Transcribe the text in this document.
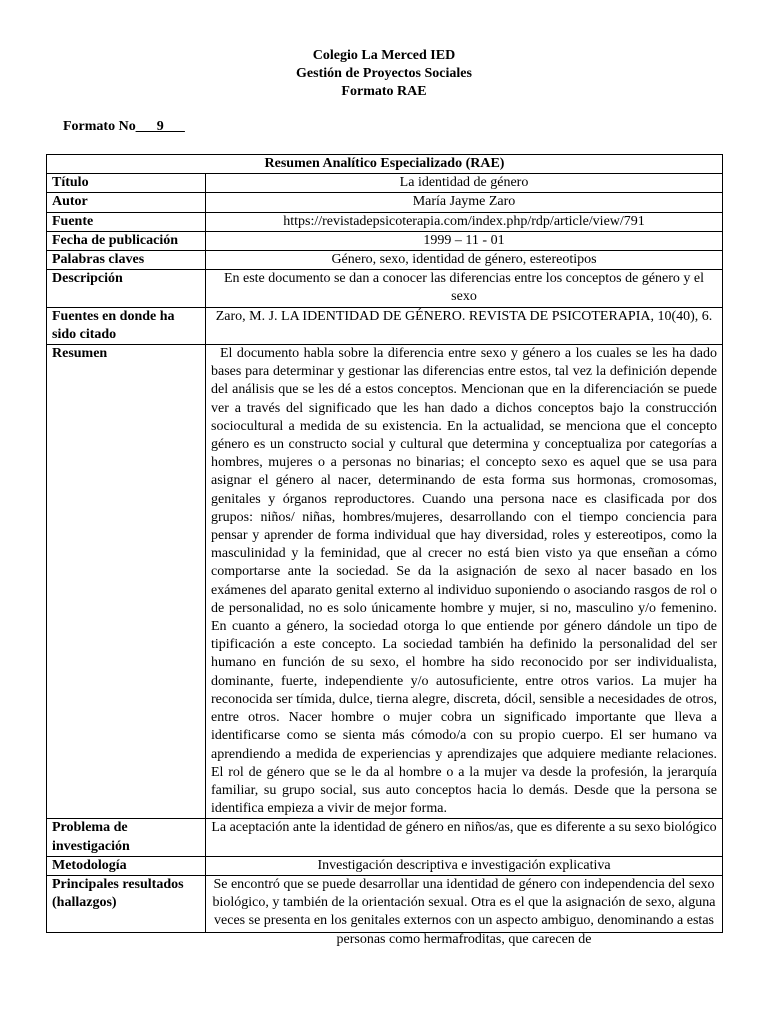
Colegio La Merced IED
Gestión de Proyectos Sociales
Formato RAE
Formato No___9___
Resumen Analítico Especializado (RAE)	
Título	La identidad de género
Autor	María Jayme Zaro
Fuente	https://revistadepsicoterapia.com/index.php/rdp/article/view/791
Fecha de publicación	1999 – 11 - 01
Palabras claves	Género, sexo, identidad de género, estereotipos
Descripción	En este documento se dan a conocer las diferencias entre los conceptos de género y el sexo
Fuentes en donde ha sido citado	Zaro, M. J. LA IDENTIDAD DE GÉNERO. REVISTA DE PSICOTERAPIA, 10(40), 6.
Resumen	El documento habla sobre la diferencia entre sexo y género a los cuales se les ha dado bases para determinar y gestionar las diferencias entre estos, tal vez la definición depende del análisis que se les dé a estos conceptos. Mencionan que en la diferenciación se puede ver a través del significado que les han dado a dichos conceptos bajo la construcción sociocultural a medida de su existencia. En la actualidad, se menciona que el concepto género es un constructo social y cultural que determina y conceptualiza por categorías a hombres, mujeres o a personas no binarias; el concepto sexo es aquel que se usa para asignar el género al nacer, determinando de esta forma sus hormonas, cromosomas, genitales y órganos reproductores. Cuando una persona nace es clasificada por dos grupos: niños/ niñas, hombres/mujeres, desarrollando con el tiempo conciencia para pensar y aprender de forma individual que hay diversidad, roles y estereotipos, como la masculinidad y la feminidad, que al crecer no está bien visto ya que enseñan a cómo comportarse ante la sociedad. Se da la asignación de sexo al nacer basado en los exámenes del aparato genital externo al individuo suponiendo o asociando rasgos de rol o de personalidad, no es solo únicamente hombre y mujer, si no, masculino y/o femenino. En cuanto a género, la sociedad otorga lo que entiende por género dándole un tipo de tipificación a este concepto. La sociedad también ha definido la personalidad del ser humano en función de su sexo, el hombre ha sido reconocido por ser individualista, dominante, fuerte, independiente y/o autosuficiente, entre otros varios. La mujer ha reconocida ser tímida, dulce, tierna alegre, discreta, dócil, sensible a necesidades de otros, entre otros. Nacer hombre o mujer cobra un significado importante que lleva a identificarse como se sienta más cómodo/a con su propio cuerpo. El ser humano va aprendiendo a medida de experiencias y aprendizajes que adquiere mediante relaciones. El rol de género que se le da al hombre o a la mujer va desde la profesión, la jerarquía familiar, su grupo social, sus auto conceptos hacia lo demás. Desde que la persona se identifica empieza a vivir de mejor forma.
Problema de investigación	La aceptación ante la identidad de género en niños/as, que es diferente a su sexo biológico
Metodología	Investigación descriptiva e investigación explicativa
Principales resultados (hallazgos)	Se encontró que se puede desarrollar una identidad de género con independencia del sexo biológico, y también de la orientación sexual. Otra es el que la asignación de sexo, alguna veces se presenta en los genitales externos con un aspecto ambiguo, denominando a estas personas como hermafroditas, que carecen de
